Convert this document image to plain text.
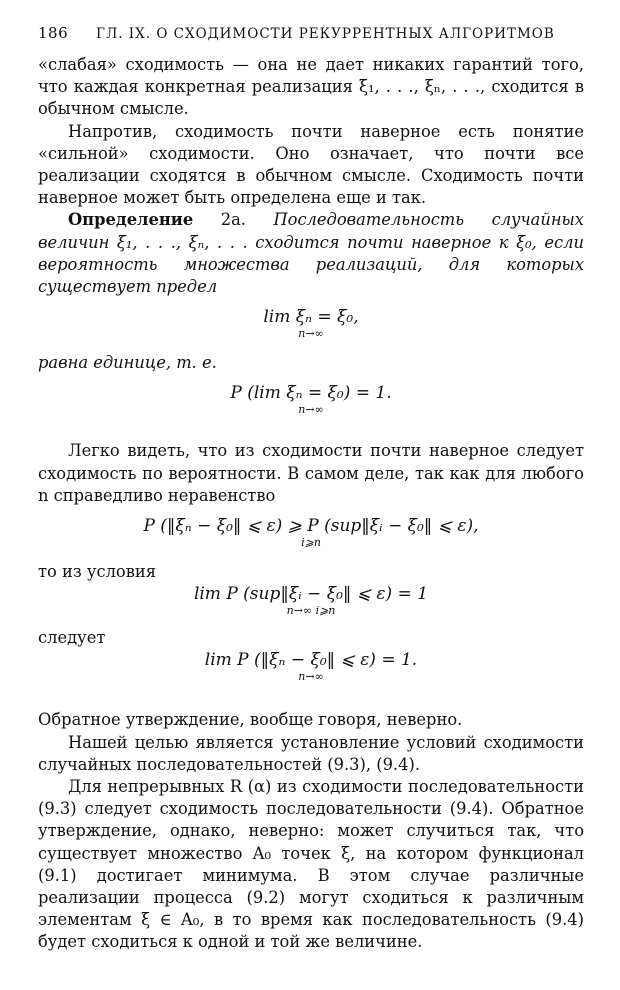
186	ГЛ. IX. О СХОДИМОСТИ РЕКУРРЕНТНЫХ АЛГОРИТМОВ

«слабая» сходимость — она не дает никаких гарантий того, что каждая конкретная реализация ξ₁, . . ., ξₙ, . . ., сходится в обычном смысле.

Напротив, сходимость почти наверное есть понятие «сильной» сходимости. Оно означает, что почти все реализации сходятся в обычном смысле. Сходимость почти наверное может быть определена еще и так.

Определение 2а. Последовательность случайных величин ξ₁, . . ., ξₙ, . . . сходится почти наверное к ξ₀, если вероятность множества реализаций, для которых существует предел

lim ξₙ = ξ₀,
n→∞

равна единице, т. е.

P (lim ξₙ = ξ₀) = 1.
n→∞

Легко видеть, что из сходимости почти наверное следует сходимость по вероятности. В самом деле, так как для любого n справедливо неравенство

P (‖ξₙ − ξ₀‖ ⩽ ε) ⩾ P (sup‖ξᵢ − ξ₀‖ ⩽ ε),
i⩾n

то из условия

lim P (sup‖ξᵢ − ξ₀‖ ⩽ ε) = 1
n→∞ i⩾n

следует

lim P (‖ξₙ − ξ₀‖ ⩽ ε) = 1.
n→∞

Обратное утверждение, вообще говоря, неверно.

Нашей целью является установление условий сходимости случайных последовательностей (9.3), (9.4).

Для непрерывных R (α) из сходимости последовательности (9.3) следует сходимость последовательности (9.4). Обратное утверждение, однако, неверно: может случиться так, что существует множество A₀ точек ξ, на котором функционал (9.1) достигает минимума. В этом случае различные реализации процесса (9.2) могут сходиться к различным элементам ξ ∈ A₀, в то время как последовательность (9.4) будет сходиться к одной и той же величине.
